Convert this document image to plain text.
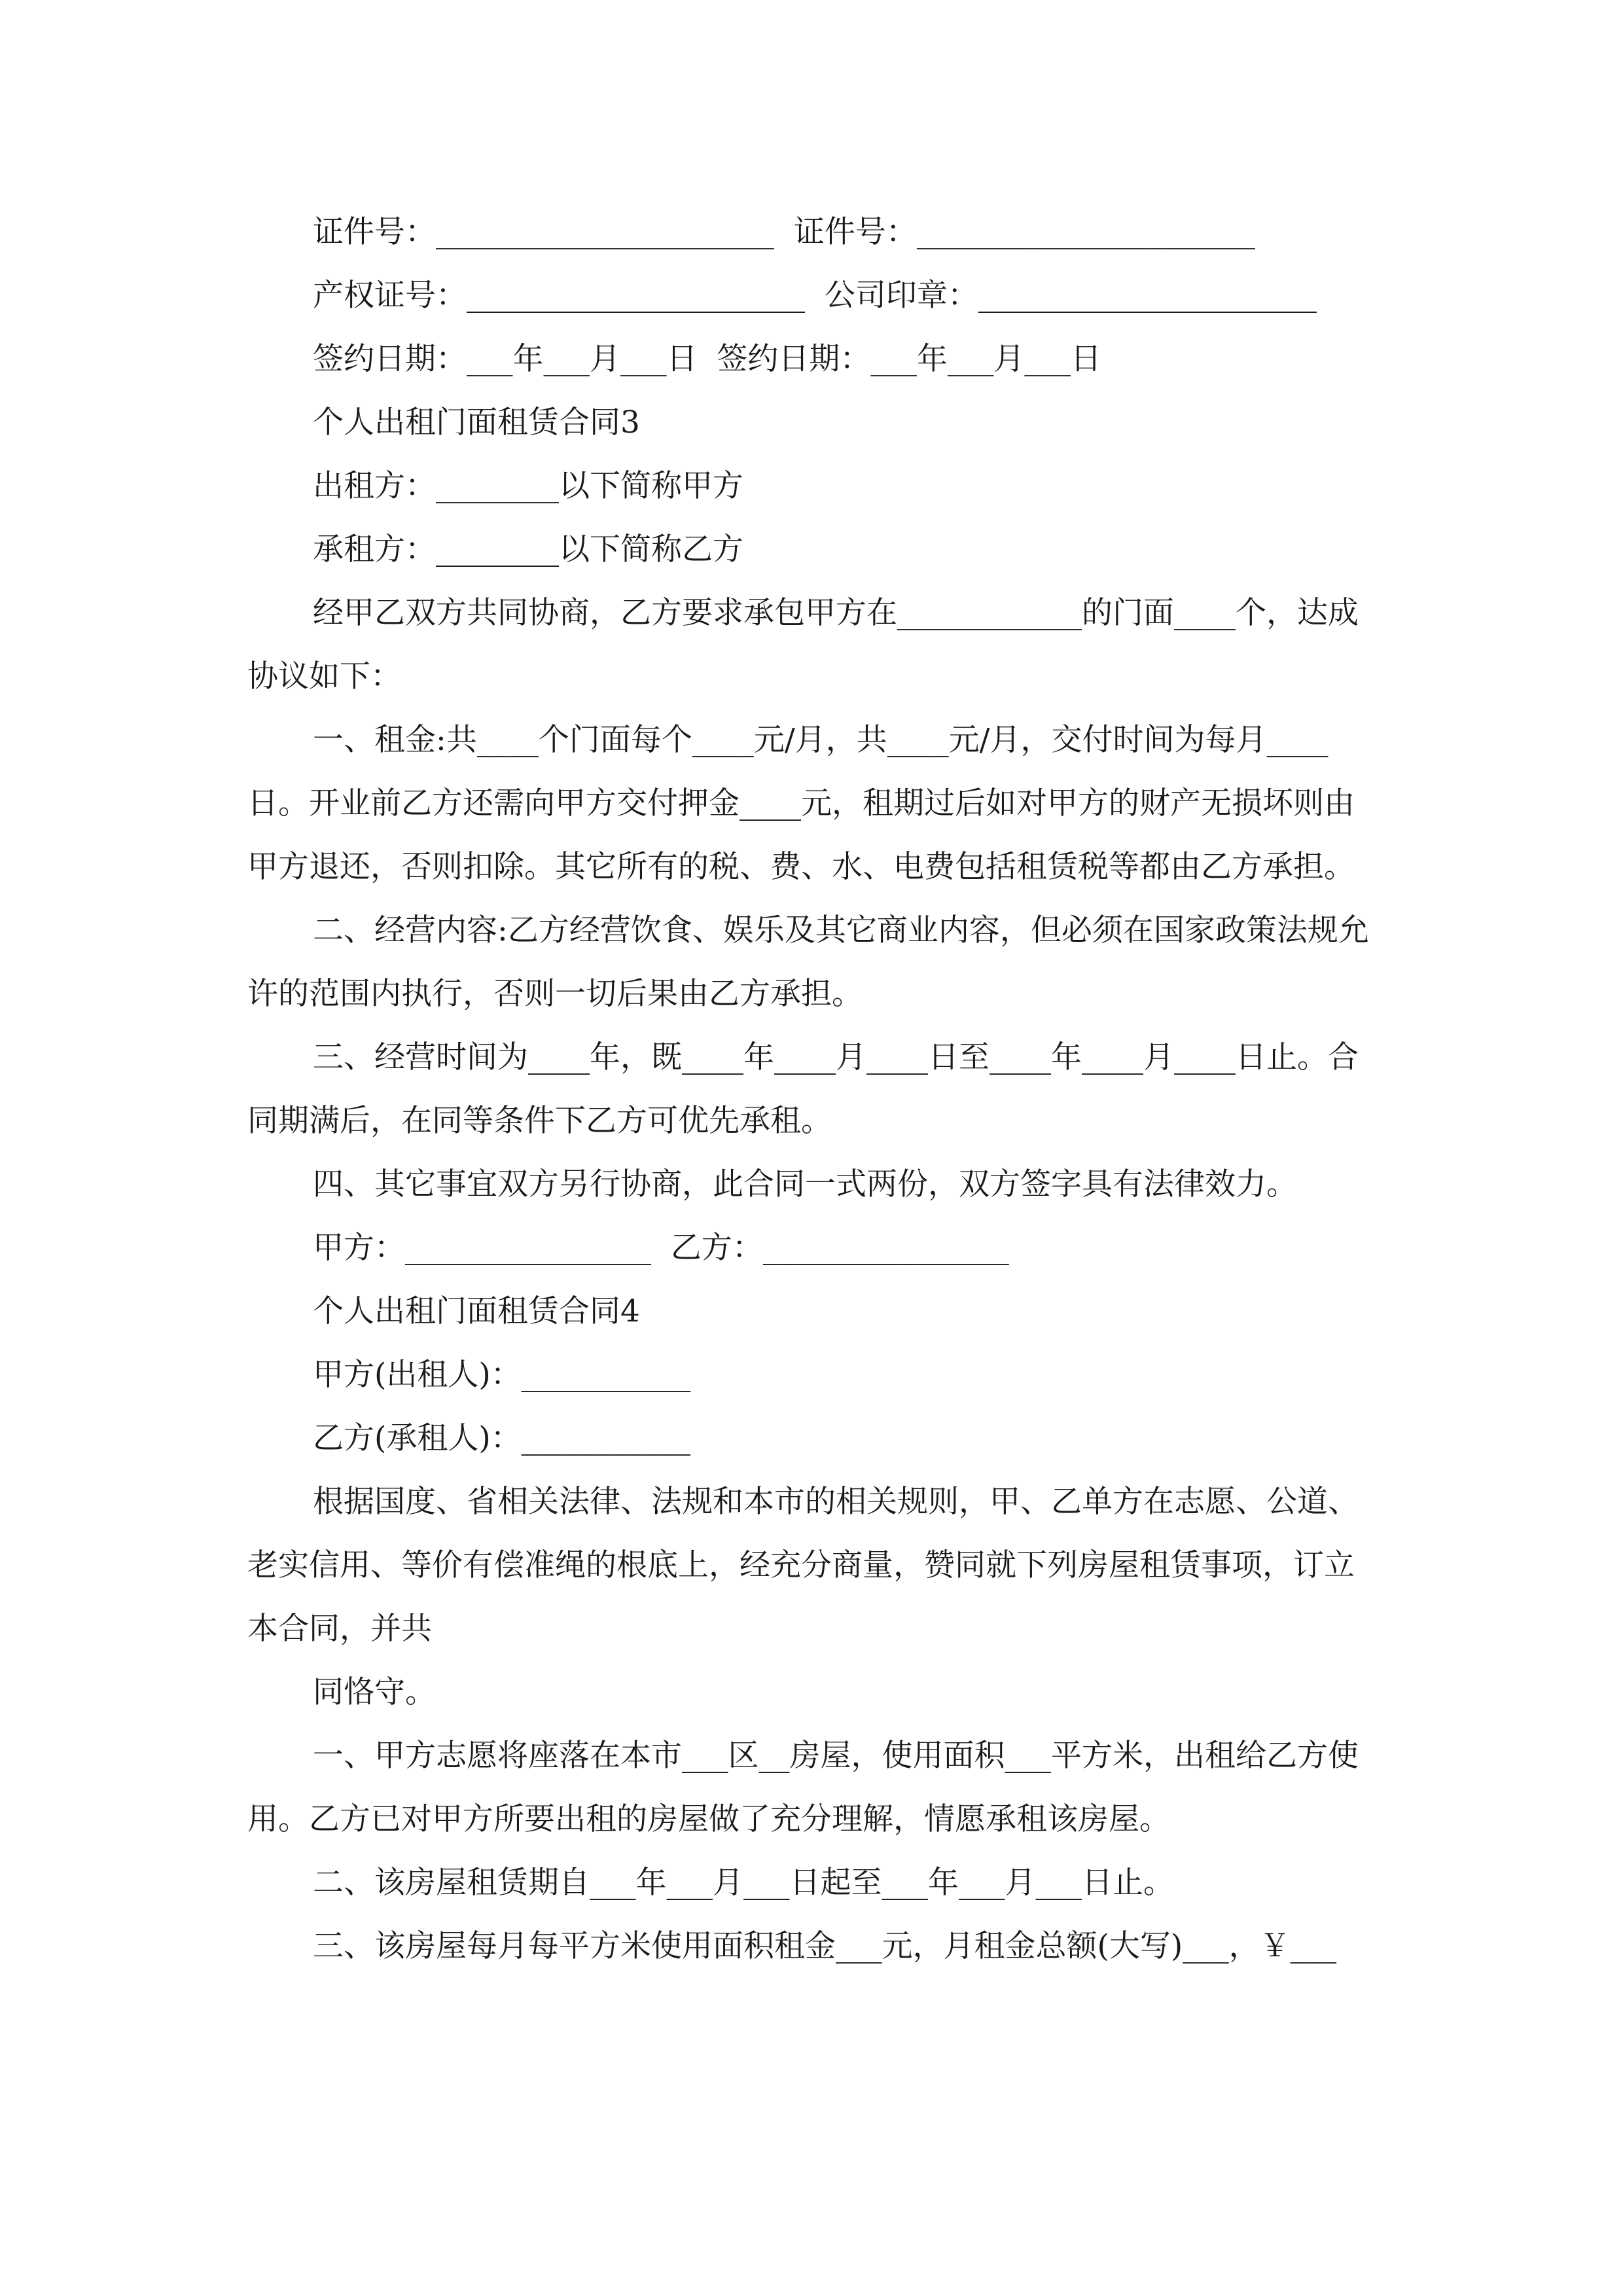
证件号：______________________  证件号：______________________

产权证号：______________________  公司印章：______________________

签约日期：___年___月___日  签约日期：___年___月___日

个人出租门面租赁合同3

出租方：________以下简称甲方

承租方：________以下简称乙方

经甲乙双方共同协商，乙方要求承包甲方在____________的门面____个，达成协议如下：

一、租金:共____个门面每个____元/月，共____元/月，交付时间为每月____日。开业前乙方还需向甲方交付押金____元，租期过后如对甲方的财产无损坏则由甲方退还，否则扣除。其它所有的税、费、水、电费包括租赁税等都由乙方承担。

二、经营内容:乙方经营饮食、娱乐及其它商业内容，但必须在国家政策法规允许的范围内执行，否则一切后果由乙方承担。

三、经营时间为____年，既____年____月____日至____年____月____日止。合同期满后，在同等条件下乙方可优先承租。

四、其它事宜双方另行协商，此合同一式两份，双方签字具有法律效力。

甲方：________________  乙方：________________

个人出租门面租赁合同4

甲方(出租人)：___________

乙方(承租人)：___________

根据国度、省相关法律、法规和本市的相关规则，甲、乙单方在志愿、公道、老实信用、等价有偿准绳的根底上，经充分商量，赞同就下列房屋租赁事项，订立本合同，并共

同恪守。

一、甲方志愿将座落在本市___区__房屋，使用面积___平方米，出租给乙方使用。乙方已对甲方所要出租的房屋做了充分理解，情愿承租该房屋。

二、该房屋租赁期自___年___月___日起至___年___月___日止。

三、该房屋每月每平方米使用面积租金___元，月租金总额(大写)___，￥___
